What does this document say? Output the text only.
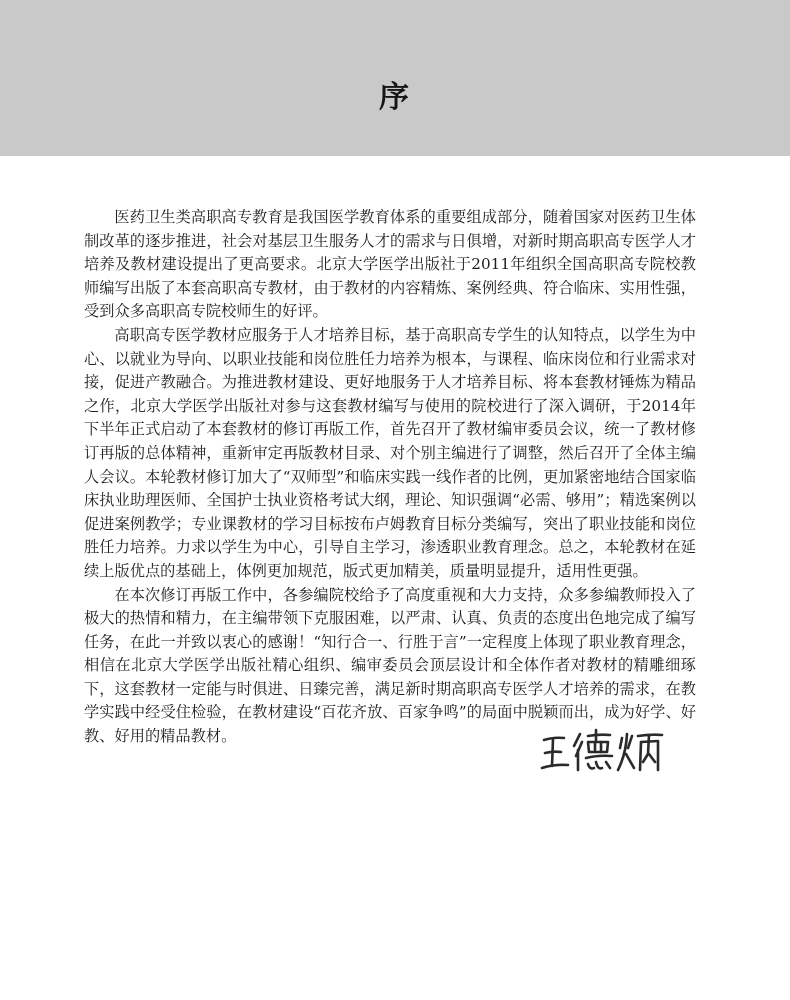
序

医药卫生类高职高专教育是我国医学教育体系的重要组成部分，随着国家对医药卫生体制改革的逐步推进，社会对基层卫生服务人才的需求与日俱增，对新时期高职高专医学人才培养及教材建设提出了更高要求。北京大学医学出版社于2011年组织全国高职高专院校教师编写出版了本套高职高专教材，由于教材的内容精炼、案例经典、符合临床、实用性强，受到众多高职高专院校师生的好评。

高职高专医学教材应服务于人才培养目标，基于高职高专学生的认知特点，以学生为中心、以就业为导向、以职业技能和岗位胜任力培养为根本，与课程、临床岗位和行业需求对接，促进产教融合。为推进教材建设、更好地服务于人才培养目标、将本套教材锤炼为精品之作，北京大学医学出版社对参与这套教材编写与使用的院校进行了深入调研，于2014年下半年正式启动了本套教材的修订再版工作，首先召开了教材编审委员会议，统一了教材修订再版的总体精神，重新审定再版教材目录、对个别主编进行了调整，然后召开了全体主编人会议。本轮教材修订加大了“双师型”和临床实践一线作者的比例，更加紧密地结合国家临床执业助理医师、全国护士执业资格考试大纲，理论、知识强调“必需、够用”；精选案例以促进案例教学；专业课教材的学习目标按布卢姆教育目标分类编写，突出了职业技能和岗位胜任力培养。力求以学生为中心，引导自主学习，渗透职业教育理念。总之，本轮教材在延续上版优点的基础上，体例更加规范，版式更加精美，质量明显提升，适用性更强。

在本次修订再版工作中，各参编院校给予了高度重视和大力支持，众多参编教师投入了极大的热情和精力，在主编带领下克服困难，以严肃、认真、负责的态度出色地完成了编写任务，在此一并致以衷心的感谢！“知行合一、行胜于言”一定程度上体现了职业教育理念，相信在北京大学医学出版社精心组织、编审委员会顶层设计和全体作者对教材的精雕细琢下，这套教材一定能与时俱进、日臻完善，满足新时期高职高专医学人才培养的需求，在教学实践中经受住检验，在教材建设“百花齐放、百家争鸣”的局面中脱颖而出，成为好学、好教、好用的精品教材。
